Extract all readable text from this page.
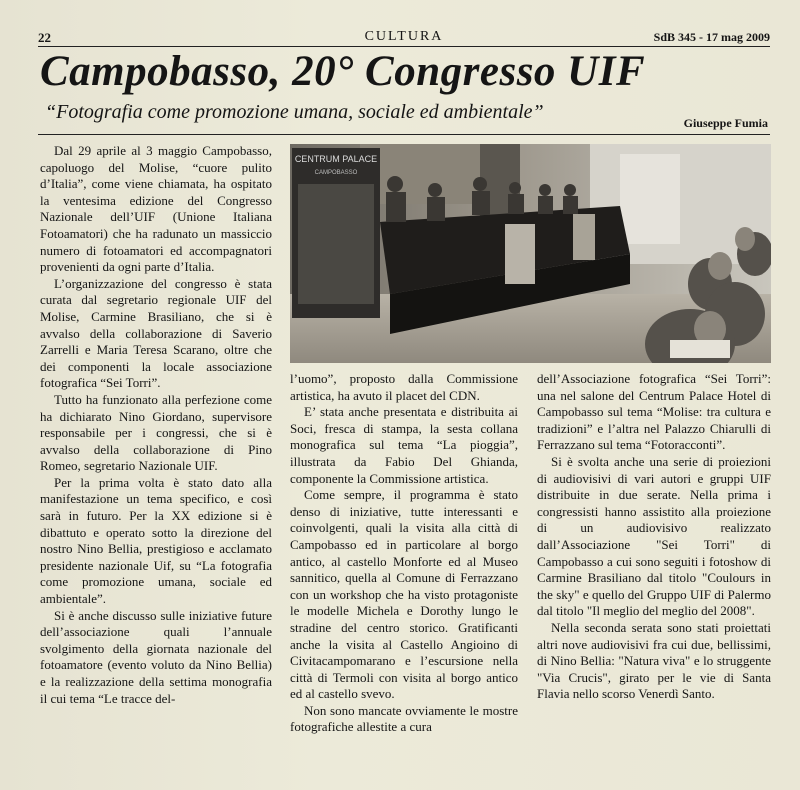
22	CULTURA	SdB 345 - 17 mag 2009
Campobasso, 20° Congresso UIF
“Fotografia come promozione umana, sociale ed ambientale”	Giuseppe Fumia

Dal 29 aprile al 3 maggio Campobasso, capoluogo del Molise, “cuore pulito d’Italia”, come viene chiamata, ha ospitato la ventesima edizione del Congresso Nazionale dell’UIF (Unione Italiana Fotoamatori) che ha radunato un massiccio numero di fotoamatori ed accompagnatori provenienti da ogni parte d’Italia.

L’organizzazione del congresso è stata curata dal segretario regionale UIF del Molise, Carmine Brasiliano, che si è avvalso della collaborazione di Saverio Zarrelli e Maria Teresa Scarano, oltre che dei componenti la locale associazione fotografica “Sei Torri”.

Tutto ha funzionato alla perfezione come ha dichiarato Nino Giordano, supervisore responsabile per i congressi, che si è avvalso della collaborazione di Pino Romeo, segretario Nazionale UIF.

Per la prima volta è stato dato alla manifestazione un tema specifico, e così sarà in futuro. Per la XX edizione si è dibattuto e operato sotto la direzione del nostro Nino Bellia, prestigioso e acclamato presidente nazionale Uif, su “La fotografia come promozione umana, sociale ed ambientale”.

Si è anche discusso sulle iniziative future dell’associazione quali l’annuale svolgimento della giornata nazionale del fotoamatore (evento voluto da Nino Bellia) e la realizzazione della settima monografia il cui tema “Le tracce del-

CENTRUM PALACE
CAMPOBASSO

l’uomo”, proposto dalla Commissione artistica, ha avuto il placet del CDN.

E’ stata anche presentata e distribuita ai Soci, fresca di stampa, la sesta collana monografica sul tema “La pioggia”, illustrata da Fabio Del Ghianda, componente la Commissione artistica.

Come sempre, il programma è stato denso di iniziative, tutte interessanti e coinvolgenti, quali la visita alla città di Campobasso ed in particolare al borgo antico, al castello Monforte ed al Museo sannitico, quella al Comune di Ferrazzano con un workshop che ha visto protagoniste le modelle Michela e Dorothy lungo le stradine del centro storico. Gratificanti anche la visita al Castello Angioino di Civitacampomarano e l’escursione nella città di Termoli con visita al borgo antico ed al castello svevo.

Non sono mancate ovviamente le mostre fotografiche allestite a cura

dell’Associazione fotografica “Sei Torri”: una nel salone del Centrum Palace Hotel di Campobasso sul tema “Molise: tra cultura e tradizioni” e l’altra nel Palazzo Chiarulli di Ferrazzano sul tema “Fotoracconti”.

Si è svolta anche una serie di proiezioni di audiovisivi di vari autori e gruppi UIF distribuite in due serate. Nella prima i congressisti hanno assistito alla proiezione di un audiovisivo realizzato dall’Associazione "Sei Torri" di Campobasso a cui sono seguiti i fotoshow di Carmine Brasiliano dal titolo "Coulours in the sky" e quello del Gruppo UIF di Palermo dal titolo "Il meglio del meglio del 2008".

Nella seconda serata sono stati proiettati altri nove audiovisivi fra cui due, bellissimi, di Nino Bellia: "Natura viva" e lo struggente "Via Crucis", girato per le vie di Santa Flavia nello scorso Venerdì Santo.
